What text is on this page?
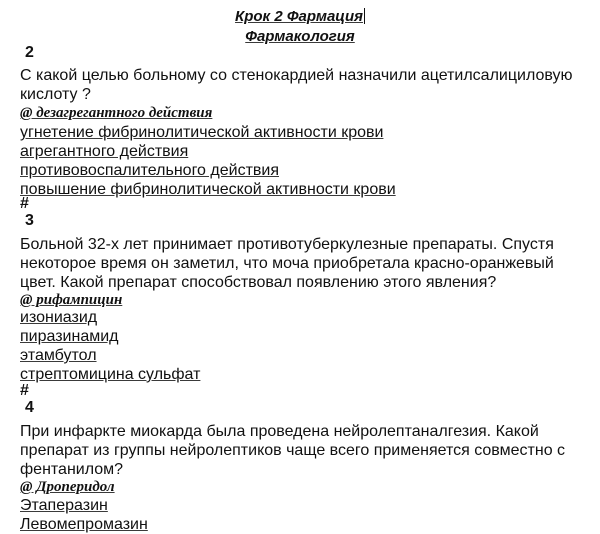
Крок 2 Фармация
Фармакология
2
С какой целью больному со стенокардией назначили ацетилсалициловую кислоту ?
@ дезагрегантного действия
угнетение фибринолитической активности крови
агрегантного действия
противовоспалительного действия
повышение фибринолитической активности крови
#
3
Больной 32-х лет принимает противотуберкулезные препараты. Спустя некоторое время он заметил, что моча приобретала красно-оранжевый цвет. Какой препарат способствовал появлению этого явления?
@ рифампицин
изониазид
пиразинамид
этамбутол
стрептомицина сульфат
#
4
При инфаркте миокарда была проведена нейролептаналгезия. Какой препарат из группы нейролептиков чаще всего применяется совместно с фентанилом?
@ Дроперидол
Этаперазин
Левомепромазин
